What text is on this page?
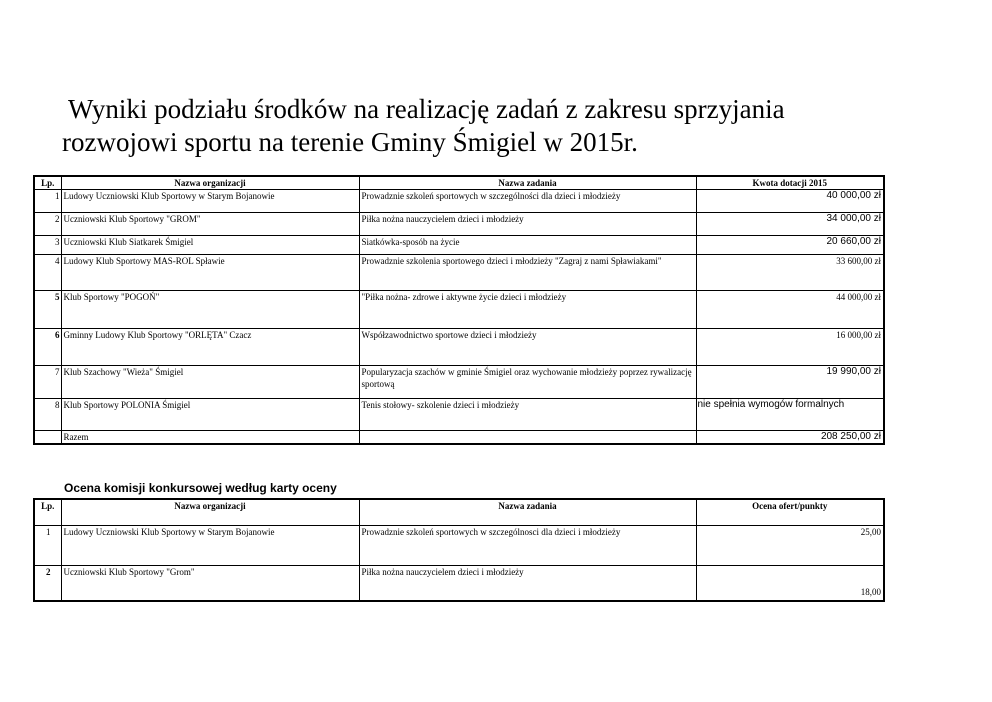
Wyniki podziału środków na realizację zadań z zakresu sprzyjania
rozwojowi sportu na terenie Gminy Śmigiel w 2015r.
Lp.	Nazwa organizacji	Nazwa zadania	Kwota dotacji 2015
1	Ludowy Uczniowski Klub Sportowy w Starym Bojanowie	Prowadznie szkoleń sportowych w szczególności dla dzieci i młodzieży	40 000,00 zł
2	Uczniowski Klub Sportowy "GROM"	Piłka nożna nauczycielem dzieci i młodzieży	34 000,00 zł
3	Uczniowski Klub Siatkarek Śmigiel	Siatkówka-sposób na życie	20 660,00 zł
4	Ludowy Klub Sportowy MAS-ROL Spławie	Prowadznie szkolenia sportowego dzieci i młodzieży "Zagraj z nami Spławiakami"	33 600,00 zł
5	Klub Sportowy "POGOŃ"	"Piłka nożna- zdrowe i aktywne życie dzieci i młodzieży	44 000,00 zł
6	Gminny Ludowy Klub Sportowy "ORLĘTA" Czacz	Współzawodnictwo sportowe dzieci i młodzieży	16 000,00 zł
7	Klub Szachowy "Wieża" Śmigiel	Popularyzacja szachów w gminie Śmigiel oraz wychowanie młodzieży poprzez rywalizację sportową	19 990,00 zł
8	Klub Sportowy POLONIA Śmigiel	Tenis stołowy- szkolenie dzieci i młodzieży	nie spełnia wymogów formalnych
	Razem		208 250,00 zł
Ocena komisji konkursowej według karty oceny
Lp.	Nazwa organizacji	Nazwa zadania	Ocena ofert/punkty
1	Ludowy Uczniowski Klub Sportowy w Starym Bojanowie	Prowadznie szkoleń sportowych w szczególnosci dla dzieci i młodzieży	25,00
2	Uczniowski Klub Sportowy "Grom"	Piłka nożna nauczycielem dzieci i młodzieży	18,00
